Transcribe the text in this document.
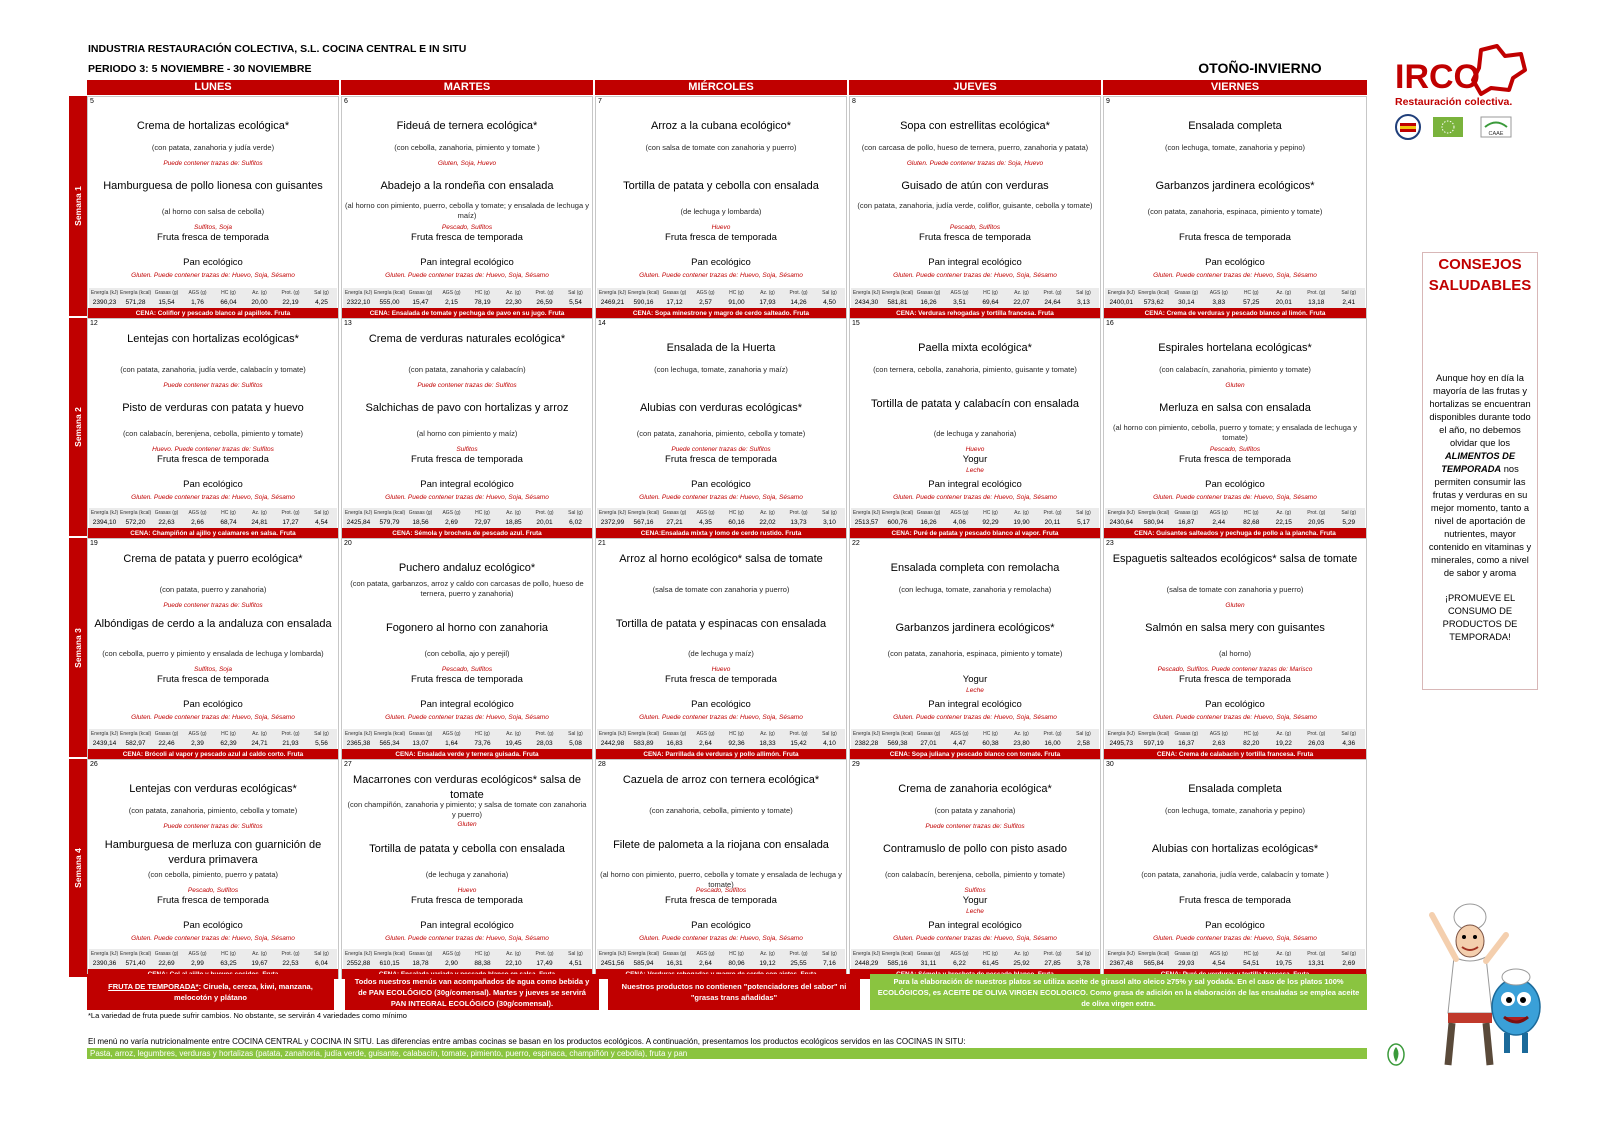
INDUSTRIA RESTAURACIÓN COLECTIVA, S.L. COCINA CENTRAL E IN SITU
PERIODO 3: 5 NOVIEMBRE - 30 NOVIEMBRE	OTOÑO-INVIERNO	IRCO
Restauración colectiva.
CAAE
CONSEJOS
SALUDABLES
Aunque hoy en día la mayoría de las frutas y hortalizas se encuentran disponibles durante todo el año, no debemos olvidar que los ALIMENTOS DE TEMPORADA nos permiten consumir las frutas y verduras en su mejor momento, tanto a nivel de aportación de nutrientes, mayor contenido en vitaminas y minerales, como a nivel de sabor y aroma
¡PROMUEVE EL CONSUMO DE PRODUCTOS DE TEMPORADA!
LUNES	MARTES	MIÉRCOLES	JUEVES	VIERNES
Semana 1
Semana 2
Semana 3
Semana 4
5
Crema de hortalizas ecológica*
(con patata, zanahoria y judía verde)
Puede contener trazas de: Sulfitos
Hamburguesa de pollo lionesa con guisantes
(al horno con salsa de cebolla)
Sulfitos, Soja
Fruta fresca de temporada
Pan ecológico
Gluten. Puede contener trazas de: Huevo, Soja, Sésamo
Energía (kJ) Energía (kcal) Grasas (g)	AGS (g)	HC (g)	Az. (g)	Prot. (g)	Sal (g)
2390,23	571,28	15,54	1,76	66,04	20,00	22,19	4,25
CENA: Coliflor y pescado blanco al papillote. Fruta
6
Fideuá de ternera ecológica*
(con cebolla, zanahoria, pimiento y tomate )
Gluten, Soja, Huevo
Abadejo a la rondeña con ensalada
(al horno con pimiento, puerro, cebolla y tomate; y ensalada de lechuga y maíz)
Pescado, Sulfitos
Fruta fresca de temporada
Pan integral ecológico
Gluten. Puede contener trazas de: Huevo, Soja, Sésamo
Energía (kJ) Energía (kcal) Grasas (g)	AGS (g)	HC (g)	Az. (g)	Prot. (g)	Sal (g)
2322,10	555,00	15,47	2,15	78,19	22,30	26,59	5,54
CENA: Ensalada de tomate y pechuga de pavo en su jugo. Fruta
7
Arroz a la cubana ecológico*
(con salsa de tomate con zanahoria y puerro)
Tortilla de patata y cebolla con ensalada
(de lechuga y lombarda)
Huevo
Fruta fresca de temporada
Pan ecológico
Gluten. Puede contener trazas de: Huevo, Soja, Sésamo
Energía (kJ) Energía (kcal) Grasas (g)	AGS (g)	HC (g)	Az. (g)	Prot. (g)	Sal (g)
2469,21	590,16	17,12	2,57	91,00	17,93	14,26	4,50
CENA: Sopa minestrone y magro de cerdo salteado. Fruta
8
Sopa con estrellitas ecológica*
(con carcasa de pollo, hueso de ternera, puerro, zanahoria y patata)
Gluten. Puede contener trazas de: Soja, Huevo
Guisado de atún con verduras
(con patata, zanahoria, judía verde, coliflor, guisante, cebolla y tomate)
Pescado, Sulfitos
Fruta fresca de temporada
Pan integral ecológico
Gluten. Puede contener trazas de: Huevo, Soja, Sésamo
Energía (kJ) Energía (kcal) Grasas (g)	AGS (g)	HC (g)	Az. (g)	Prot. (g)	Sal (g)
2434,30	581,81	16,26	3,51	69,64	22,07	24,64	3,13
CENA: Verduras rehogadas y tortilla francesa. Fruta
9
Ensalada completa
(con lechuga, tomate, zanahoria y pepino)
Garbanzos jardinera ecológicos*
(con patata, zanahoria, espinaca, pimiento y tomate)
Fruta fresca de temporada
Pan ecológico
Gluten. Puede contener trazas de: Huevo, Soja, Sésamo
Energía (kJ) Energía (kcal)	Grasas (g)	AGS (g)	HC (g)	Az. (g)	Prot. (g)	Sal (g)
2400,01	573,62	30,14	3,83	57,25	20,01	13,18	2,41
CENA: Crema de verduras y pescado blanco al limón. Fruta
12
Lentejas con hortalizas ecológicas*
(con patata, zanahoria, judía verde, calabacín y tomate)
Puede contener trazas de: Sulfitos
Pisto de verduras con patata y huevo
(con calabacín, berenjena, cebolla, pimiento y tomate)
Huevo. Puede contener trazas de: Sulfitos
Fruta fresca de temporada
Pan ecológico
Gluten. Puede contener trazas de: Huevo, Soja, Sésamo
Energía (kJ) Energía (kcal) Grasas (g)	AGS (g)	HC (g)	Az. (g)	Prot. (g)	Sal (g)
2394,10	572,20	22,63	2,66	68,74	24,81	17,27	4,54
CENA: Champiñón al ajillo y calamares en salsa. Fruta
13
Crema de verduras naturales ecológica*
(con patata, zanahoria y calabacín)
Puede contener trazas de: Sulfitos
Salchichas de pavo con hortalizas y arroz
(al horno con pimiento y maíz)
Sulfitos
Fruta fresca de temporada
Pan integral ecológico
Gluten. Puede contener trazas de: Huevo, Soja, Sésamo
Energía (kJ) Energía (kcal) Grasas (g)	AGS (g)	HC (g)	Az. (g)	Prot. (g)	Sal (g)
2425,84	579,79	18,56	2,69	72,97	18,85	20,01	6,02
CENA: Sémola y brocheta de pescado azul. Fruta
14
Ensalada de la Huerta
(con lechuga, tomate, zanahoria y maíz)
Alubias con verduras ecológicas*
(con patata, zanahoria, pimiento, cebolla y tomate)
Puede contener trazas de: Sulfitos
Fruta fresca de temporada
Pan ecológico
Gluten. Puede contener trazas de: Huevo, Soja, Sésamo
Energía (kJ) Energía (kcal) Grasas (g)	AGS (g)	HC (g)	Az. (g)	Prot. (g)	Sal (g)
2372,99	567,16	27,21	4,35	60,16	22,02	13,73	3,10
CENA:Ensalada mixta y lomo de cerdo rustido. Fruta
15
Paella mixta ecológica*
(con ternera, cebolla, zanahoria, pimiento, guisante y tomate)
Tortilla de patata y calabacín con ensalada
(de lechuga y zanahoria)
Huevo
Yogur
Leche
Pan integral ecológico
Gluten. Puede contener trazas de: Huevo, Soja, Sésamo
Energía (kJ) Energía (kcal) Grasas (g)	AGS (g)	HC (g)	Az. (g)	Prot. (g)	Sal (g)
2513,57	600,76	16,26	4,06	92,29	19,90	20,11	5,17
CENA: Puré de patata y pescado blanco al vapor. Fruta
16
Espirales hortelana ecológicas*
(con calabacín, zanahoria, pimiento y tomate)
Gluten
Merluza en salsa con ensalada
(al horno con pimiento, cebolla, puerro y tomate; y ensalada de lechuga y tomate)
Pescado, Sulfitos
Fruta fresca de temporada
Pan ecológico
Gluten. Puede contener trazas de: Huevo, Soja, Sésamo
Energía (kJ) Energía (kcal)	Grasas (g)	AGS (g)	HC (g)	Az. (g)	Prot. (g)	Sal (g)
2430,64	580,94	16,87	2,44	82,68	22,15	20,95	5,29
CENA: Guisantes salteados y pechuga de pollo a la plancha. Fruta
19
Crema de patata y puerro ecológica*
(con patata, puerro y zanahoria)
Puede contener trazas de: Sulfitos
Albóndigas de cerdo a la andaluza con ensalada
(con cebolla, puerro y pimiento y ensalada de lechuga y lombarda)
Sulfitos, Soja
Fruta fresca de temporada
Pan ecológico
Gluten. Puede contener trazas de: Huevo, Soja, Sésamo
Energía (kJ) Energía (kcal) Grasas (g)	AGS (g)	HC (g)	Az. (g)	Prot. (g)	Sal (g)
2439,14	582,97	22,46	2,39	62,39	24,71	21,93	5,56
CENA: Brócoli al vapor y pescado azul al caldo corto. Fruta
20
Puchero andaluz ecológico*
(con patata, garbanzos, arroz y caldo con carcasas de pollo, hueso de ternera, puerro y zanahoria)
Fogonero al horno con zanahoria
(con cebolla, ajo y perejil)
Pescado, Sulfitos
Fruta fresca de temporada
Pan integral ecológico
Gluten. Puede contener trazas de: Huevo, Soja, Sésamo
Energía (kJ) Energía (kcal) Grasas (g)	AGS (g)	HC (g)	Az. (g)	Prot. (g)	Sal (g)
2365,38	565,34	13,07	1,64	73,76	19,45	28,03	5,08
CENA: Ensalada verde y ternera guisada. Fruta
21
Arroz al horno ecológico* salsa de tomate
(salsa de tomate con zanahoria y puerro)
Tortilla de patata y espinacas con ensalada
(de lechuga y maíz)
Huevo
Fruta fresca de temporada
Pan ecológico
Gluten. Puede contener trazas de: Huevo, Soja, Sésamo
Energía (kJ) Energía (kcal) Grasas (g)	AGS (g)	HC (g)	Az. (g)	Prot. (g)	Sal (g)
2442,98	583,89	16,83	2,64	92,36	18,33	15,42	4,10
CENA: Parrillada de verduras y pollo allimón. Fruta
22
Ensalada completa con remolacha
(con lechuga, tomate, zanahoria y remolacha)
Garbanzos jardinera ecológicos*
(con patata, zanahoria, espinaca, pimiento y tomate)
Yogur
Leche
Pan integral ecológico
Gluten. Puede contener trazas de: Huevo, Soja, Sésamo
Energía (kJ) Energía (kcal) Grasas (g)	AGS (g)	HC (g)	Az. (g)	Prot. (g)	Sal (g)
2382,28	569,38	27,01	4,47	60,38	23,80	16,00	2,58
CENA: Sopa juliana y pescado blanco con tomate. Fruta
23
Espaguetis salteados ecológicos* salsa de tomate
(salsa de tomate con zanahoria y puerro)
Gluten
Salmón en salsa mery con guisantes
(al horno)
Pescado, Sulfitos. Puede contener trazas de: Marisco
Fruta fresca de temporada
Pan ecológico
Gluten. Puede contener trazas de: Huevo, Soja, Sésamo
Energía (kJ) Energía (kcal)	Grasas (g)	AGS (g)	HC (g)	Az. (g)	Prot. (g)	Sal (g)
2495,73	597,19	16,37	2,63	82,20	19,22	26,03	4,36
CENA: Crema de calabacín y tortilla francesa. Fruta
26
Lentejas con verduras ecológicas*
(con patata, zanahoria, pimiento, cebolla y tomate)
Puede contener trazas de: Sulfitos
Hamburguesa de merluza con guarnición de verdura primavera
(con cebolla, pimiento, puerro y patata)
Pescado, Sulfitos
Fruta fresca de temporada
Pan ecológico
Gluten. Puede contener trazas de: Huevo, Soja, Sésamo
Energía (kJ) Energía (kcal) Grasas (g)	AGS (g)	HC (g)	Az. (g)	Prot. (g)	Sal (g)
2390,36	571,40	22,69	2,99	63,25	19,67	22,53	6,04
27
Macarrones con verduras ecológicos* salsa de tomate
(con champiñón, zanahoria y pimiento; y salsa de tomate con zanahoria y puerro)
Gluten
Tortilla de patata y cebolla con ensalada
(de lechuga y zanahoria)
Huevo
Fruta fresca de temporada
Pan integral ecológico
Gluten. Puede contener trazas de: Huevo, Soja, Sésamo
Energía (kJ) Energía (kcal) Grasas (g)	AGS (g)	HC (g)	Az. (g)	Prot. (g)	Sal (g)
2552,88	610,15	18,78	2,90	88,38	22,10	17,49	4,51
28
Cazuela de arroz con ternera ecológica*
(con zanahoria, cebolla, pimiento y tomate)
Filete de palometa a la riojana con ensalada
(al horno con pimiento, puerro, cebolla y tomate y ensalada de lechuga y tomate)
Pescado, Sulfitos
Fruta fresca de temporada
Pan ecológico
Gluten. Puede contener trazas de: Huevo, Soja, Sésamo
Energía (kJ) Energía (kcal) Grasas (g)	AGS (g)	HC (g)	Az. (g)	Prot. (g)	Sal (g)
2451,56	585,94	16,31	2,64	80,96	19,12	25,55	7,16
29
Crema de zanahoria ecológica*
(con patata y zanahoria)
Puede contener trazas de: Sulfitos
Contramuslo de pollo con pisto asado
(con calabacín, berenjena, cebolla, pimiento y tomate)
Sulfitos
Yogur
Leche
Pan integral ecológico
Gluten. Puede contener trazas de: Huevo, Soja, Sésamo
Energía (kJ) Energía (kcal) Grasas (g)	AGS (g)	HC (g)	Az. (g)	Prot. (g)	Sal (g)
2448,29	585,16	31,11	6,22	61,45	25,92	27,85	3,78
30
Ensalada completa
(con lechuga, tomate, zanahoria y pepino)
Alubias con hortalizas ecológicas*
(con patata, zanahoria, judía verde, calabacín y tomate )
Fruta fresca de temporada
Pan ecológico
Gluten. Puede contener trazas de: Huevo, Soja, Sésamo
Energía (kJ) Energía (kcal)	Grasas (g)	AGS (g)	HC (g)	Az. (g)	Prot. (g)	Sal (g)
2367,48	565,84	29,93	4,54	54,51	19,75	13,31	2,69
FRUTA DE TEMPORADA*: Ciruela, cereza, kiwi, manzana, melocotón y plátano
Todos nuestros menús van acompañados de agua como bebida y de PAN ECOLÓGICO (30g/comensal). Martes y jueves se servirá PAN INTEGRAL ECOLÓGICO (30g/comensal).
Nuestros productos no contienen "potenciadores del sabor" ni "grasas trans añadidas"
Para la elaboración de nuestros platos se utiliza aceite de girasol alto oleico ≥75% y sal yodada. En el caso de los platos 100% ECOLÓGICOS, es ACEITE DE OLIVA VIRGEN ECOLOGICO. Como grasa de adición en la elaboración de las ensaladas se emplea aceite de oliva virgen extra.
*La variedad de fruta puede sufrir cambios. No obstante, se servirán 4 variedades como mínimo
El menú no varía nutricionalmente entre COCINA CENTRAL y COCINA IN SITU. Las diferencias entre ambas cocinas se basan en los productos ecológicos. A continuación, presentamos los productos ecológicos servidos en las COCINAS IN SITU:
Pasta, arroz, legumbres, verduras y hortalizas (patata, zanahoria, judía verde, guisante, calabacín, tomate, pimiento, puerro, espinaca, champiñón y cebolla), fruta y pan
